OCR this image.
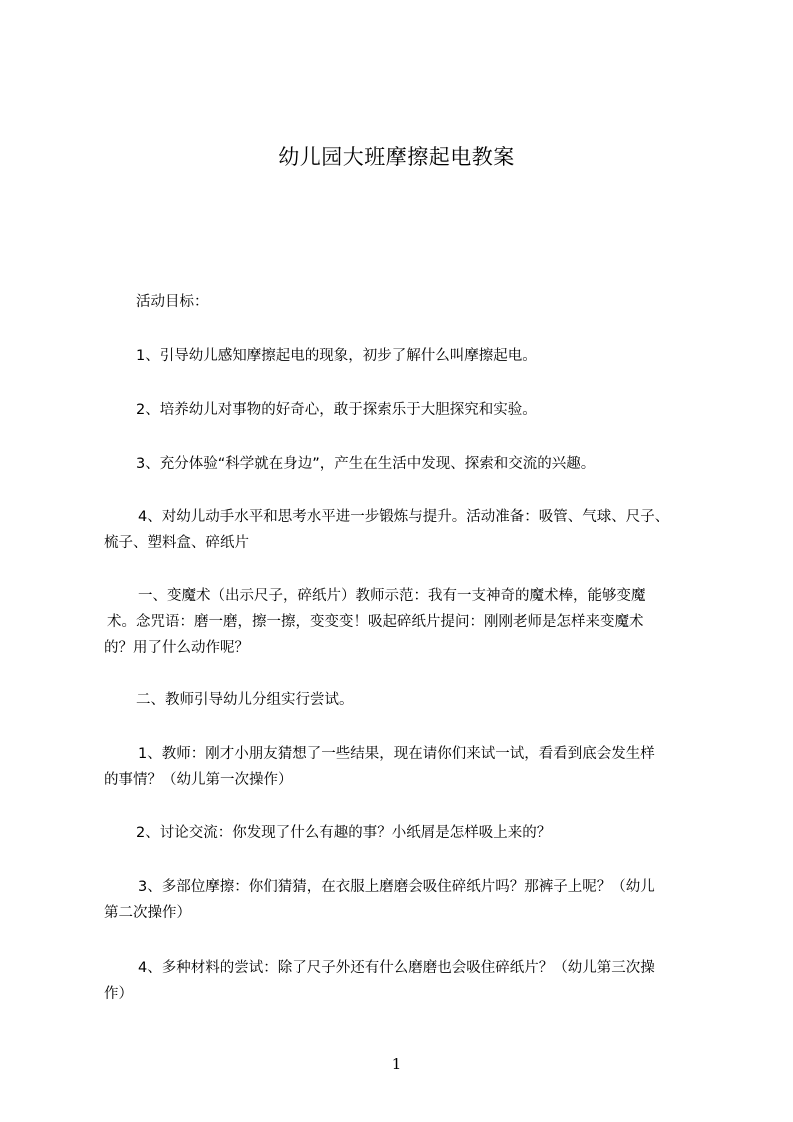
幼儿园大班摩擦起电教案
活动目标：
1、引导幼儿感知摩擦起电的现象，初步了解什么叫摩擦起电。
2、培养幼儿对事物的好奇心，敢于探索乐于大胆探究和实验。
3、充分体验“科学就在身边”，产生在生活中发现、探索和交流的兴趣。
4、对幼儿动手水平和思考水平进一步锻炼与提升。活动准备：吸管、气球、尺子、
梳子、塑料盒、碎纸片
一、变魔术（出示尺子，碎纸片）教师示范：我有一支神奇的魔术棒，能够变魔
术。念咒语：磨一磨，擦一擦，变变变！吸起碎纸片提问：刚刚老师是怎样来变魔术
的？用了什么动作呢？
二、教师引导幼儿分组实行尝试。
1、教师：刚才小朋友猜想了一些结果，现在请你们来试一试，看看到底会发生样
的事情？（幼儿第一次操作）
2、讨论交流：你发现了什么有趣的事？小纸屑是怎样吸上来的？
3、多部位摩擦：你们猜猜，在衣服上磨磨会吸住碎纸片吗？那裤子上呢？（幼儿
第二次操作）
4、多种材料的尝试：除了尺子外还有什么磨磨也会吸住碎纸片？（幼儿第三次操
作）
1
